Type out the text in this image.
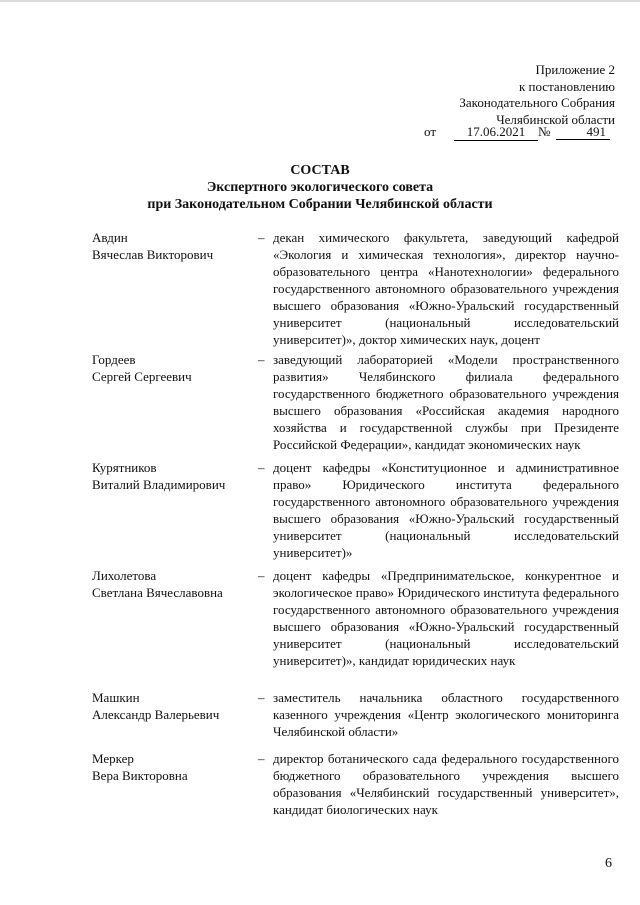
Приложение 2
к постановлению
Законодательного Собрания
Челябинской области
от	17.06.2021 №	491
СОСТАВ
Экспертного экологического совета
при Законодательном Собрании Челябинской области
Авдин
Вячеслав Викторович
– декан химического факультета, заведующий кафедрой «Экология и химическая технология», директор научно-образовательного центра «Нанотехнологии» федерального государственного автономного образовательного учреждения высшего образования «Южно-Уральский государственный университет (национальный исследовательский университет)», доктор химических наук, доцент
Гордеев
Сергей Сергеевич
– заведующий лабораторией «Модели пространственного развития» Челябинского филиала федерального государственного бюджетного образовательного учреждения высшего образования «Российская академия народного хозяйства и государственной службы при Президенте Российской Федерации», кандидат экономических наук
Курятников
Виталий Владимирович
– доцент кафедры «Конституционное и административное право» Юридического института федерального государственного автономного образовательного учреждения высшего образования «Южно-Уральский государственный университет (национальный исследовательский университет)»
Лихолетова
Светлана Вячеславовна
– доцент кафедры «Предпринимательское, конкурентное и экологическое право» Юридического института федерального государственного автономного образовательного учреждения высшего образования «Южно-Уральский государственный университет (национальный исследовательский университет)», кандидат юридических наук
Машкин
Александр Валерьевич
– заместитель начальника областного государственного казенного учреждения «Центр экологического мониторинга Челябинской области»
Меркер
Вера Викторовна
– директор ботанического сада федерального государственного бюджетного образовательного учреждения высшего образования «Челябинский государственный университет», кандидат биологических наук
6
